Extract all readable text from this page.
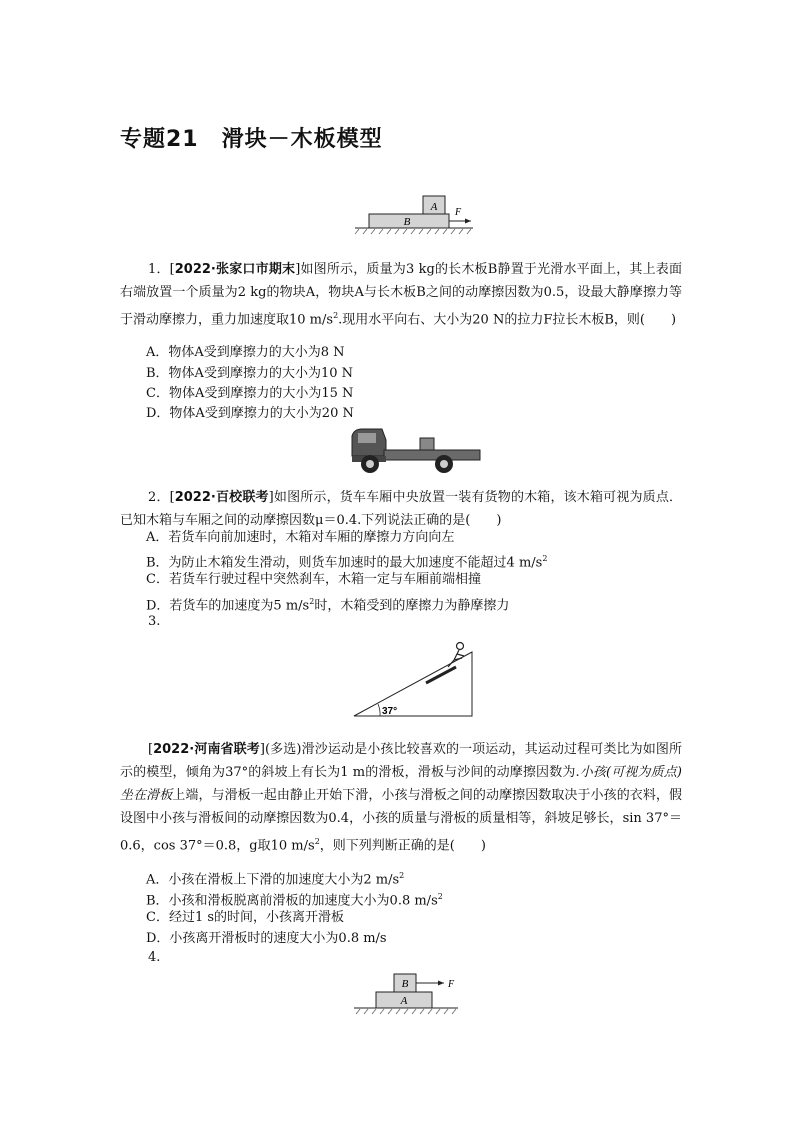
专题21　滑块－木板模型
A
B
F
1．[2022·张家口市期末]如图所示，质量为3 kg的长木板B静置于光滑水平面上，其上表面右端放置一个质量为2 kg的物块A，物块A与长木板B之间的动摩擦因数为0.5，设最大静摩擦力等于滑动摩擦力，重力加速度取10 $m/s^2$.现用水平向右、大小为20 N的拉力F拉长木板B，则(　　)
A．物体A受到摩擦力的大小为8 N
B．物体A受到摩擦力的大小为10 N
C．物体A受到摩擦力的大小为15 N
D．物体A受到摩擦力的大小为20 N
2．[2022·百校联考]如图所示，货车车厢中央放置一装有货物的木箱，该木箱可视为质点．已知木箱与车厢之间的动摩擦因数μ＝0.4.下列说法正确的是(　　)
A．若货车向前加速时，木箱对车厢的摩擦力方向向左
B．为防止木箱发生滑动，则货车加速时的最大加速度不能超过4 $m/s^2$
C．若货车行驶过程中突然刹车，木箱一定与车厢前端相撞
D．若货车的加速度为5 $m/s^2$时，木箱受到的摩擦力为静摩擦力
3.
37°
[2022·河南省联考](多选)滑沙运动是小孩比较喜欢的一项运动，其运动过程可类比为如图所示的模型，倾角为37°的斜坡上有长为1 m的滑板，滑板与沙间的动摩擦因数为.小孩(可视为质点)坐在滑板上端，与滑板一起由静止开始下滑，小孩与滑板之间的动摩擦因数取决于小孩的衣料，假设图中小孩与滑板间的动摩擦因数为0.4，小孩的质量与滑板的质量相等，斜坡足够长，sin 37°＝0.6，cos 37°＝0.8，g取10 $m/s^2$，则下列判断正确的是(　　)
A．小孩在滑板上下滑的加速度大小为2 $m/s^2$
B．小孩和滑板脱离前滑板的加速度大小为0.8 $m/s^2$
C．经过1 s的时间，小孩离开滑板
D．小孩离开滑板时的速度大小为0.8 m/s
4.
B	F
A
